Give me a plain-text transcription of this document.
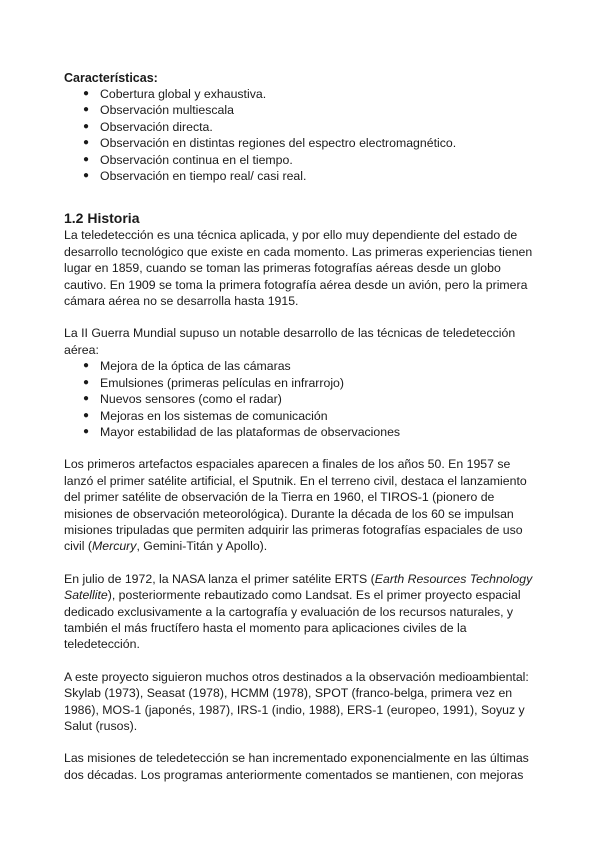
Características:

● Cobertura global y exhaustiva.
● Observación multiescala
● Observación directa.
● Observación en distintas regiones del espectro electromagnético.
● Observación continua en el tiempo.
● Observación en tiempo real/ casi real.

1.2 Historia

La teledetección es una técnica aplicada, y por ello muy dependiente del estado de desarrollo tecnológico que existe en cada momento. Las primeras experiencias tienen lugar en 1859, cuando se toman las primeras fotografías aéreas desde un globo cautivo. En 1909 se toma la primera fotografía aérea desde un avión, pero la primera cámara aérea no se desarrolla hasta 1915.

La II Guerra Mundial supuso un notable desarrollo de las técnicas de teledetección aérea:

● Mejora de la óptica de las cámaras
● Emulsiones (primeras películas en infrarrojo)
● Nuevos sensores (como el radar)
● Mejoras en los sistemas de comunicación
● Mayor estabilidad de las plataformas de observaciones

Los primeros artefactos espaciales aparecen a finales de los años 50. En 1957 se lanzó el primer satélite artificial, el Sputnik. En el terreno civil, destaca el lanzamiento del primer satélite de observación de la Tierra en 1960, el TIROS-1 (pionero de misiones de observación meteorológica). Durante la década de los 60 se impulsan misiones tripuladas que permiten adquirir las primeras fotografías espaciales de uso civil (Mercury, Gemini-Titán y Apollo).

En julio de 1972, la NASA lanza el primer satélite ERTS (Earth Resources Technology Satellite), posteriormente rebautizado como Landsat. Es el primer proyecto espacial dedicado exclusivamente a la cartografía y evaluación de los recursos naturales, y también el más fructífero hasta el momento para aplicaciones civiles de la teledetección.

A este proyecto siguieron muchos otros destinados a la observación medioambiental: Skylab (1973), Seasat (1978), HCMM (1978), SPOT (franco-belga, primera vez en 1986), MOS-1 (japonés, 1987), IRS-1 (indio, 1988), ERS-1 (europeo, 1991), Soyuz y Salut (rusos).

Las misiones de teledetección se han incrementado exponencialmente en las últimas dos décadas. Los programas anteriormente comentados se mantienen, con mejoras
